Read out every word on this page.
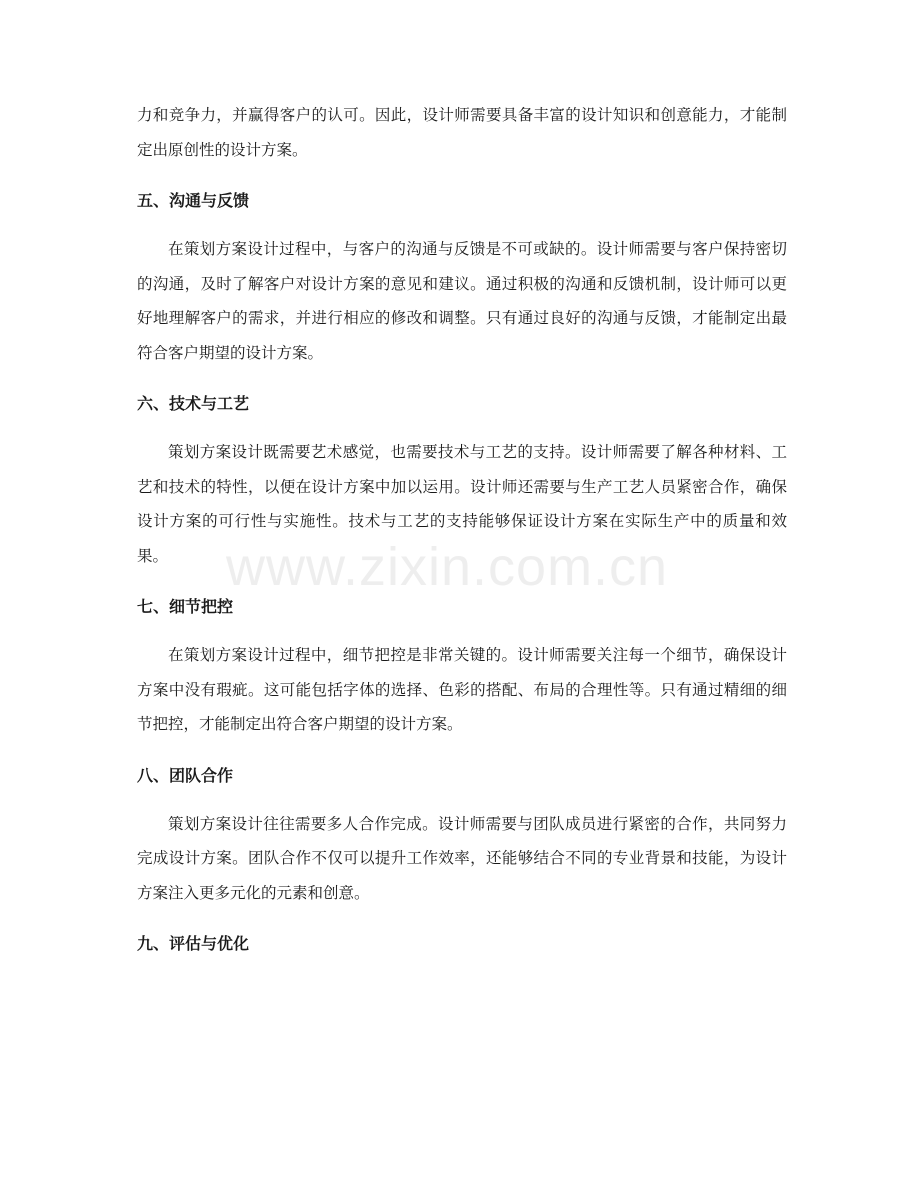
力和竞争力，并赢得客户的认可。因此，设计师需要具备丰富的设计知识和创意能力，才能制定出原创性的设计方案。

五、沟通与反馈

在策划方案设计过程中，与客户的沟通与反馈是不可或缺的。设计师需要与客户保持密切的沟通，及时了解客户对设计方案的意见和建议。通过积极的沟通和反馈机制，设计师可以更好地理解客户的需求，并进行相应的修改和调整。只有通过良好的沟通与反馈，才能制定出最符合客户期望的设计方案。

六、技术与工艺

策划方案设计既需要艺术感觉，也需要技术与工艺的支持。设计师需要了解各种材料、工艺和技术的特性，以便在设计方案中加以运用。设计师还需要与生产工艺人员紧密合作，确保设计方案的可行性与实施性。技术与工艺的支持能够保证设计方案在实际生产中的质量和效果。

七、细节把控

在策划方案设计过程中，细节把控是非常关键的。设计师需要关注每一个细节，确保设计方案中没有瑕疵。这可能包括字体的选择、色彩的搭配、布局的合理性等。只有通过精细的细节把控，才能制定出符合客户期望的设计方案。

八、团队合作

策划方案设计往往需要多人合作完成。设计师需要与团队成员进行紧密的合作，共同努力完成设计方案。团队合作不仅可以提升工作效率，还能够结合不同的专业背景和技能，为设计方案注入更多元化的元素和创意。

九、评估与优化
www.zixin.com.cn
